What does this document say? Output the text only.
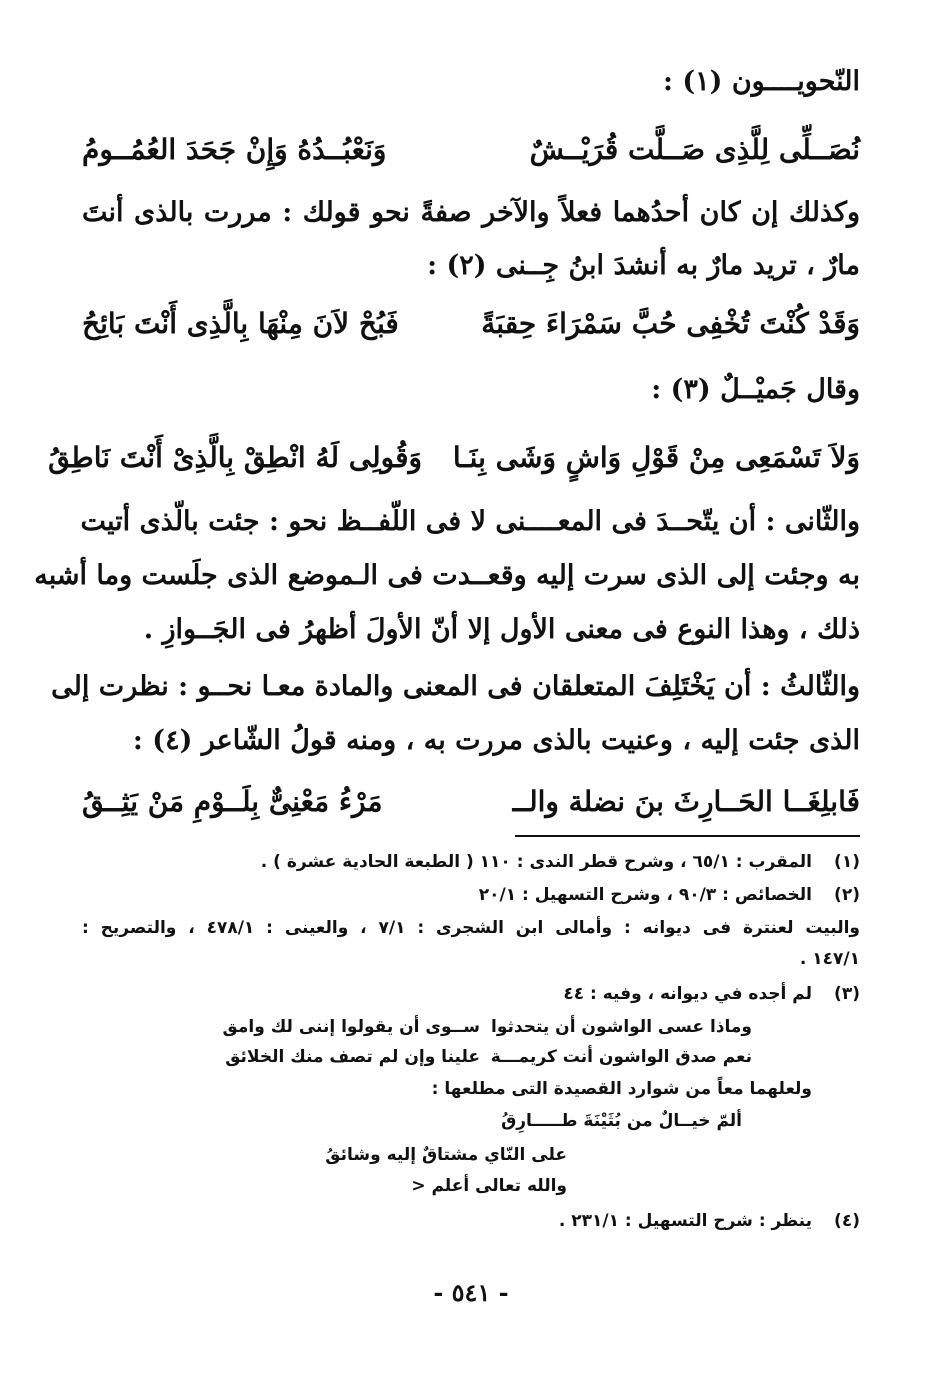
النّحويــــون (١) :
نُصَــلِّى لِلَّذِى صَــلَّت قُرَيْــشٌ
وَنَعْبُــدُهُ وَإِنْ جَحَدَ العُمُــومُ
وكذلك إن كان أحدُهما فعلاً والآخر صفةً نحو قولك : مررت بالذى أنتَ
مارٌ ، تريد مارٌ به أنشدَ ابنُ جِــنى (٢) :
وَقَدْ كُنْتَ تُخْفِى حُبَّ سَمْرَاءَ حِقبَةً
فَبُحْ لاَنَ مِنْهَا بِالَّذِى أَنْتَ بَائِحُ
وقال جَميْــلٌ (٣) :
وَلاَ تَسْمَعِى مِنْ قَوْلِ وَاشٍ وَشَى بِنَـا
وَقُولِى لَهُ انْطِقْ بِالَّذِىْ أَنْتَ نَاطِقُ
والثّانى : أن يتّحــدَ فى المعــــنى لا فى اللّفــظ نحو : جئت بالّذى أتيت
به وجئت إلى الذى سرت إليه وقعــدت فى الـموضع الذى جلَست وما أشبه
ذلك ، وهذا النوع فى معنى الأول إلا أنّ الأولَ أظهرُ فى الجَــوازِ .
والثّالثُ : أن يَخْتَلِفَ المتعلقان فى المعنى والمادة معـا نحــو : نظرت إلى
الذى جئت إليه ، وعنيت بالذى مررت به ، ومنه قولُ الشّاعر (٤) :
فَابلِغَــا الحَــارِثَ بنَ نضلة والــ
مَرْءُ مَعْنِىٌّ بِلَــوْمِ مَنْ يَثِــقُ
(١)
المقرب : ٦٥/١ ، وشرح قطر الندى : ١١٠ ( الطبعة الحادية عشرة ) .
(٢)
الخصائص : ٩٠/٣ ، وشرح التسهيل : ٢٠/١
والبيت لعنترة فى ديوانه : وأمالى ابن الشجرى : ٧/١ ، والعينى : ٤٧٨/١ ، والتصريح :
١٤٧/١ .
(٣)
لم أجده في ديوانه ، وفيه : ٤٤
وماذا عسى الواشون أن يتحدثوا
ســوى أن يقولوا إننى لك وامق
نعم صدق الواشون أنت كريمـــة
علينا وإن لم تصف منك الخلائق
ولعلهما معاً من شوارد القصيدة التى مطلعها :
ألمّ خيــالٌ من بُثَيْنَةَ طـــــارِقُ
على النّاي مشتاقٌ إليه وشائقُ
والله تعالى أعلم <
(٤)
ينظر : شرح التسهيل : ٢٣١/١ .
- ٥٤١ -
